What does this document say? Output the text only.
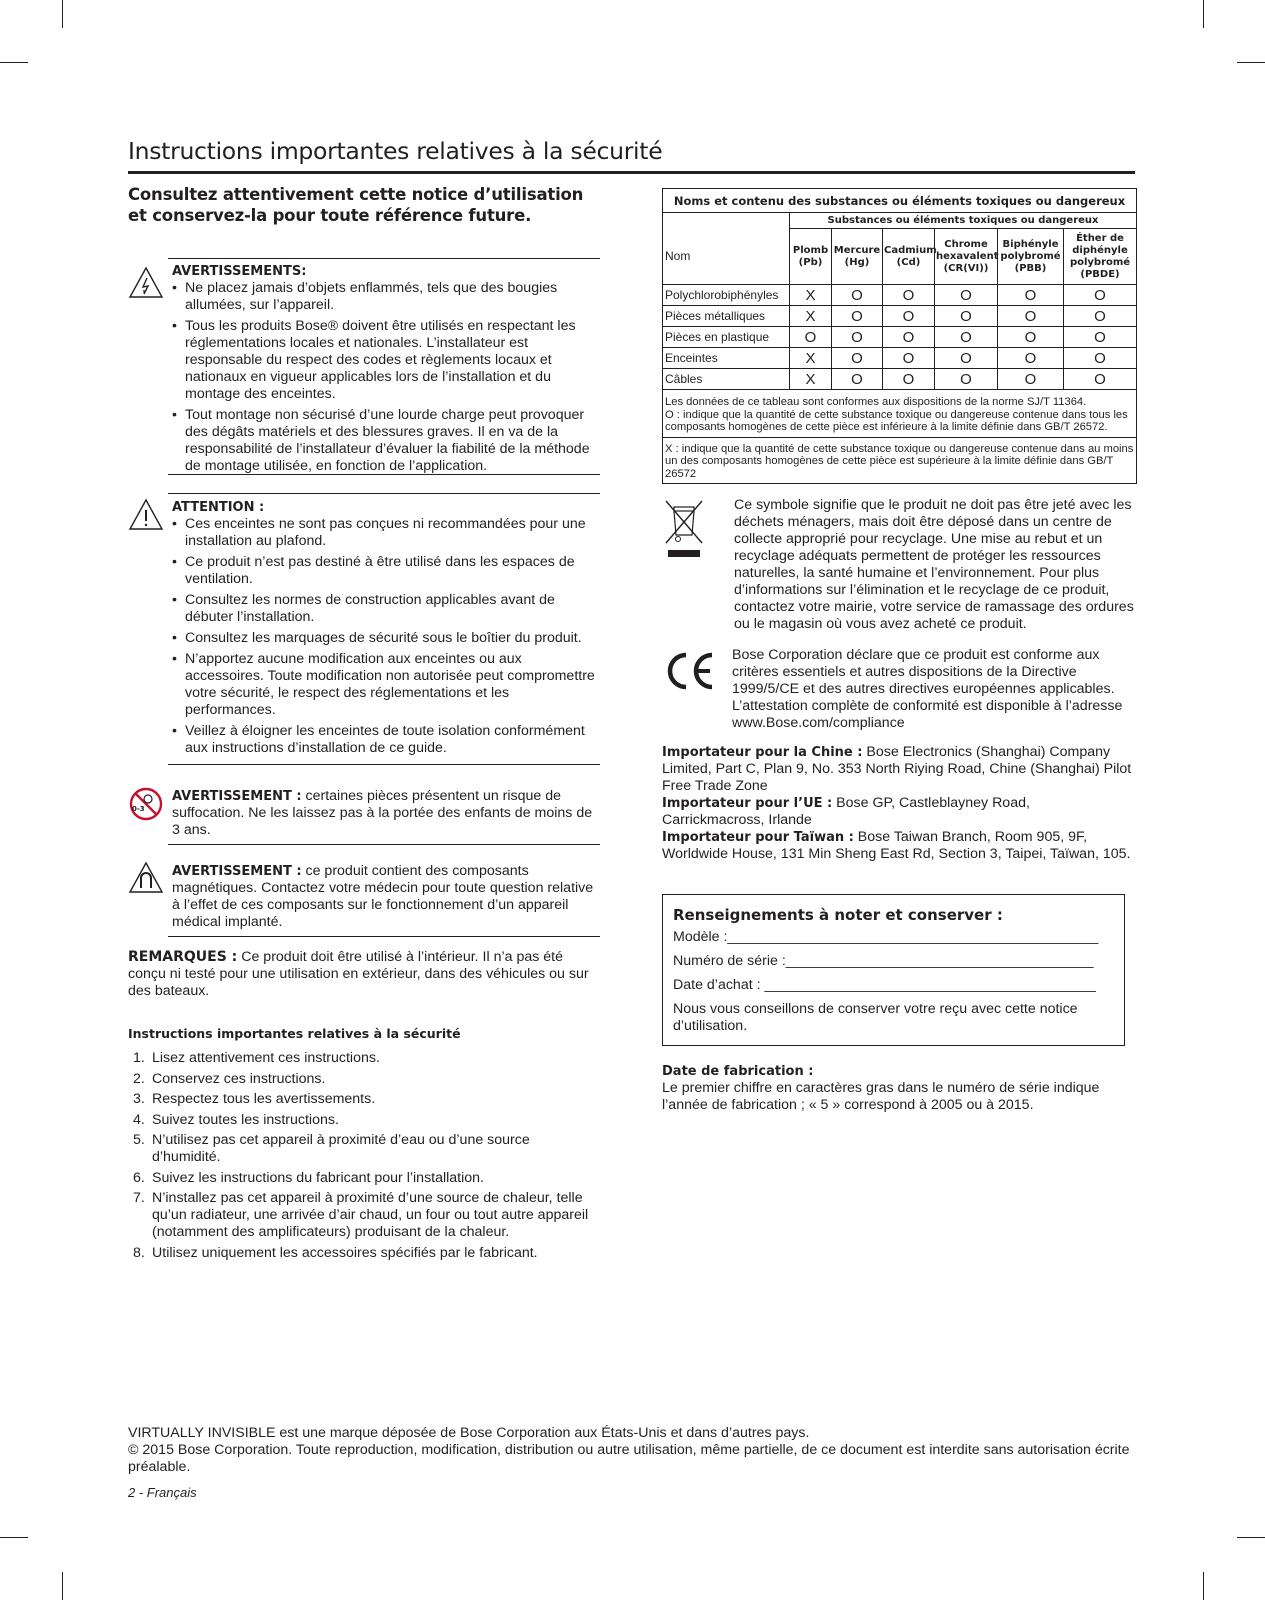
Instructions importantes relatives à la sécurité

Consultez attentivement cette notice d’utilisation et conservez-la pour toute référence future.

AVERTISSEMENTS:
• Ne placez jamais d’objets enflammés, tels que des bougies allumées, sur l’appareil.
• Tous les produits Bose® doivent être utilisés en respectant les réglementations locales et nationales. L’installateur est responsable du respect des codes et règlements locaux et nationaux en vigueur applicables lors de l’installation et du montage des enceintes.
• Tout montage non sécurisé d’une lourde charge peut provoquer des dégâts matériels et des blessures graves. Il en va de la responsabilité de l’installateur d’évaluer la fiabilité de la méthode de montage utilisée, en fonction de l’application.
ATTENTION :
• Ces enceintes ne sont pas conçues ni recommandées pour une installation au plafond.
• Ce produit n’est pas destiné à être utilisé dans les espaces de ventilation.
• Consultez les normes de construction applicables avant de débuter l’installation.
• Consultez les marquages de sécurité sous le boîtier du produit.
• N’apportez aucune modification aux enceintes ou aux accessoires. Toute modification non autorisée peut compromettre votre sécurité, le respect des réglementations et les performances.
• Veillez à éloigner les enceintes de toute isolation conformément aux instructions d’installation de ce guide.
0-3

AVERTISSEMENT : certaines pièces présentent un risque de suffocation. Ne les laissez pas à la portée des enfants de moins de 3 ans.

AVERTISSEMENT : ce produit contient des composants magnétiques. Contactez votre médecin pour toute question relative à l’effet de ces composants sur le fonctionnement d’un appareil médical implanté.

REMARQUES : Ce produit doit être utilisé à l’intérieur. Il n’a pas été conçu ni testé pour une utilisation en extérieur, dans des véhicules ou sur des bateaux.

Instructions importantes relatives à la sécurité
1. Lisez attentivement ces instructions.
2. Conservez ces instructions.
3. Respectez tous les avertissements.
4. Suivez toutes les instructions.
5. N’utilisez pas cet appareil à proximité d’eau ou d’une source d’humidité.
6. Suivez les instructions du fabricant pour l’installation.
7. N’installez pas cet appareil à proximité d’une source de chaleur, telle qu’un radiateur, une arrivée d’air chaud, un four ou tout autre appareil (notamment des amplificateurs) produisant de la chaleur.
8. Utilisez uniquement les accessoires spécifiés par le fabricant.
Noms et contenu des substances ou éléments toxiques ou dangereux						
	Substances ou éléments toxiques ou dangereux					
Nom	Plomb (Pb)	Mercure (Hg)	Cadmium (Cd)	Chrome hexavalent (CR(VI))	Biphényle polybromé (PBB)	Éther de diphényle polybromé (PBDE)
Polychlorobiphényles	X	O	O	O	O	O
Pièces métalliques	X	O	O	O	O	O
Pièces en plastique	O	O	O	O	O	O
Enceintes	X	O	O	O	O	O
Câbles	X	O	O	O	O	O

Les données de ce tableau sont conformes aux dispositions de la norme SJ/T 11364.
O : indique que la quantité de cette substance toxique ou dangereuse contenue dans tous les composants homogènes de cette pièce est inférieure à la limite définie dans GB/T 26572.						

X : indique que la quantité de cette substance toxique ou dangereuse contenue dans au moins un des composants homogènes de cette pièce est supérieure à la limite définie dans GB/T 26572						

Ce symbole signifie que le produit ne doit pas être jeté avec les déchets ménagers, mais doit être déposé dans un centre de collecte approprié pour recyclage. Une mise au rebut et un recyclage adéquats permettent de protéger les ressources naturelles, la santé humaine et l’environnement. Pour plus d’informations sur l’élimination et le recyclage de ce produit, contactez votre mairie, votre service de ramassage des ordures ou le magasin où vous avez acheté ce produit.

Bose Corporation déclare que ce produit est conforme aux critères essentiels et autres dispositions de la Directive 1999/5/CE et des autres directives européennes applicables. L’attestation complète de conformité est disponible à l’adresse www.Bose.com/compliance

Importateur pour la Chine : Bose Electronics (Shanghai) Company Limited, Part C, Plan 9, No. 353 North Riying Road, Chine (Shanghai) Pilot Free Trade Zone

Importateur pour l’UE : Bose GP, Castleblayney Road, Carrickmacross, Irlande

Importateur pour Taïwan : Bose Taiwan Branch, Room 905, 9F, Worldwide House, 131 Min Sheng East Rd, Section 3, Taipei, Taïwan, 105.

Renseignements à noter et conserver :
Modèle :_______________________________________________
Numéro de série :_______________________________________
Date d’achat : __________________________________________
Nous vous conseillons de conserver votre reçu avec cette notice d’utilisation.
Date de fabrication :

Le premier chiffre en caractères gras dans le numéro de série indique l’année de fabrication ; « 5 » correspond à 2005 ou à 2015.

VIRTUALLY INVISIBLE est une marque déposée de Bose Corporation aux États-Unis et dans d’autres pays.

© 2015 Bose Corporation. Toute reproduction, modification, distribution ou autre utilisation, même partielle, de ce document est interdite sans autorisation écrite préalable.

2 - Français
